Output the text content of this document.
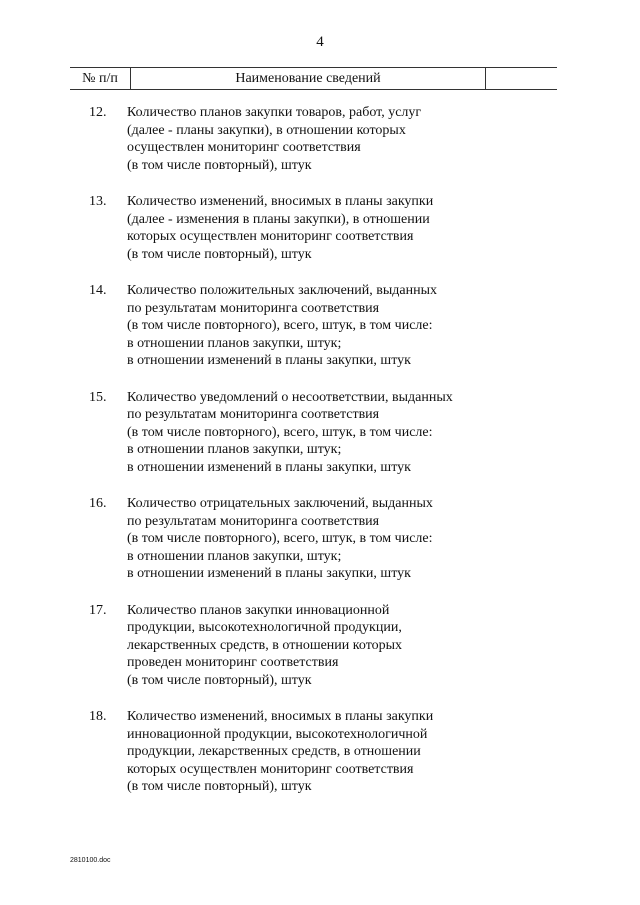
4
№ п/п	Наименование сведений
12.	Количество планов закупки товаров, работ, услуг
(далее - планы закупки), в отношении которых
осуществлен мониторинг соответствия
(в том числе повторный), штук
13.	Количество изменений, вносимых в планы закупки
(далее - изменения в планы закупки), в отношении
которых осуществлен мониторинг соответствия
(в том числе повторный), штук
14.	Количество положительных заключений, выданных
по результатам мониторинга соответствия
(в том числе повторного), всего, штук, в том числе:
в отношении планов закупки, штук;
в отношении изменений в планы закупки, штук
15.	Количество уведомлений о несоответствии, выданных
по результатам мониторинга соответствия
(в том числе повторного), всего, штук, в том числе:
в отношении планов закупки, штук;
в отношении изменений в планы закупки, штук
16.	Количество отрицательных заключений, выданных
по результатам мониторинга соответствия
(в том числе повторного), всего, штук, в том числе:
в отношении планов закупки, штук;
в отношении изменений в планы закупки, штук
17.	Количество планов закупки инновационной
продукции, высокотехнологичной продукции,
лекарственных средств, в отношении которых
проведен мониторинг соответствия
(в том числе повторный), штук
18.	Количество изменений, вносимых в планы закупки
инновационной продукции, высокотехнологичной
продукции, лекарственных средств, в отношении
которых осуществлен мониторинг соответствия
(в том числе повторный), штук
2810100.doc
